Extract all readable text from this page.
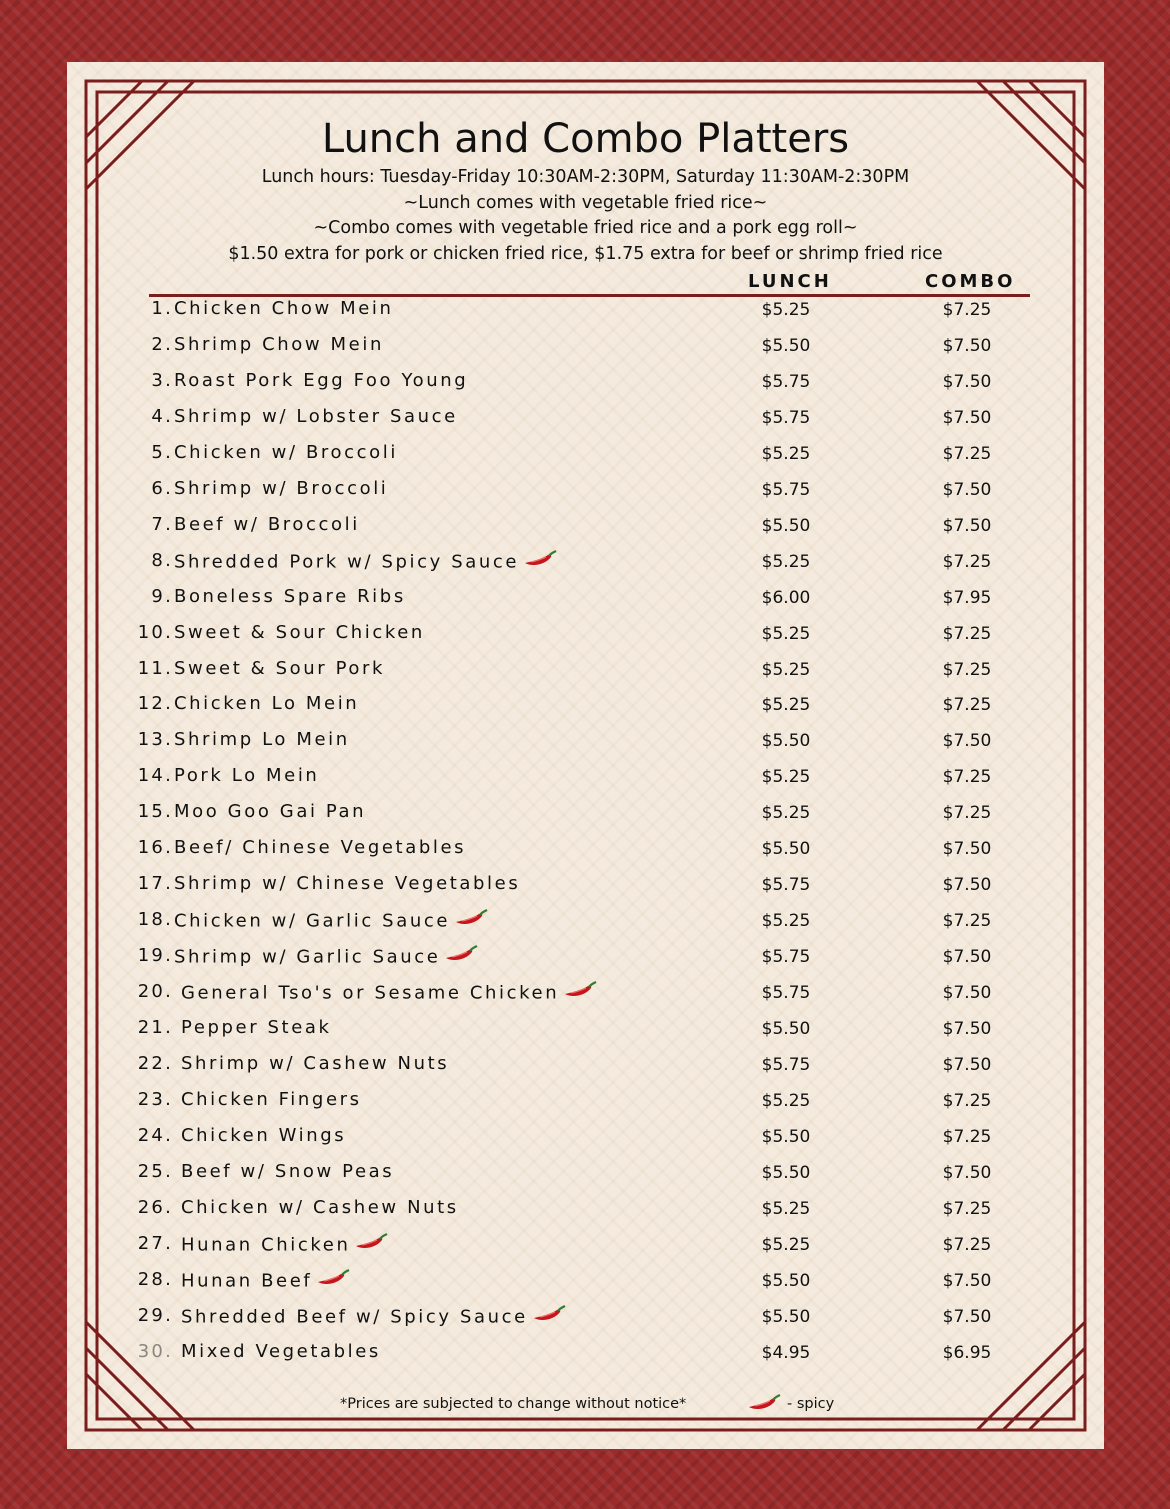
Lunch and Combo Platters
Lunch hours: Tuesday-Friday 10:30AM-2:30PM, Saturday 11:30AM-2:30PM
~Lunch comes with vegetable fried rice~
~Combo comes with vegetable fried rice and a pork egg roll~
$1.50 extra for pork or chicken fried rice, $1.75 extra for beef or shrimp fried rice
LUNCH	COMBO
1. Chicken Chow Mein	$5.25	$7.25
2. Shrimp Chow Mein	$5.50	$7.50
3. Roast Pork Egg Foo Young	$5.75	$7.50
4. Shrimp w/ Lobster Sauce	$5.75	$7.50
5. Chicken w/ Broccoli	$5.25	$7.25
6. Shrimp w/ Broccoli	$5.75	$7.50
7. Beef w/ Broccoli	$5.50	$7.50
8. Shredded Pork w/ Spicy Sauce	$5.25	$7.25
9. Boneless Spare Ribs	$6.00	$7.95
10. Sweet & Sour Chicken	$5.25	$7.25
11. Sweet & Sour Pork	$5.25	$7.25
12. Chicken Lo Mein	$5.25	$7.25
13. Shrimp Lo Mein	$5.50	$7.50
14. Pork Lo Mein	$5.25	$7.25
15. Moo Goo Gai Pan	$5.25	$7.25
16. Beef/ Chinese Vegetables	$5.50	$7.50
17. Shrimp w/ Chinese Vegetables	$5.75	$7.50
18. Chicken w/ Garlic Sauce	$5.25	$7.25
19. Shrimp w/ Garlic Sauce	$5.75	$7.50
20. General Tso's or Sesame Chicken	$5.75	$7.50
21. Pepper Steak	$5.50	$7.50
22. Shrimp w/ Cashew Nuts	$5.75	$7.50
23. Chicken Fingers	$5.25	$7.25
24. Chicken Wings	$5.50	$7.25
25. Beef w/ Snow Peas	$5.50	$7.50
26. Chicken w/ Cashew Nuts	$5.25	$7.25
27. Hunan Chicken	$5.25	$7.25
28. Hunan Beef	$5.50	$7.50
29. Shredded Beef w/ Spicy Sauce	$5.50	$7.50
30. Mixed Vegetables	$4.95	$6.95
*Prices are subjected to change without notice*	- spicy
